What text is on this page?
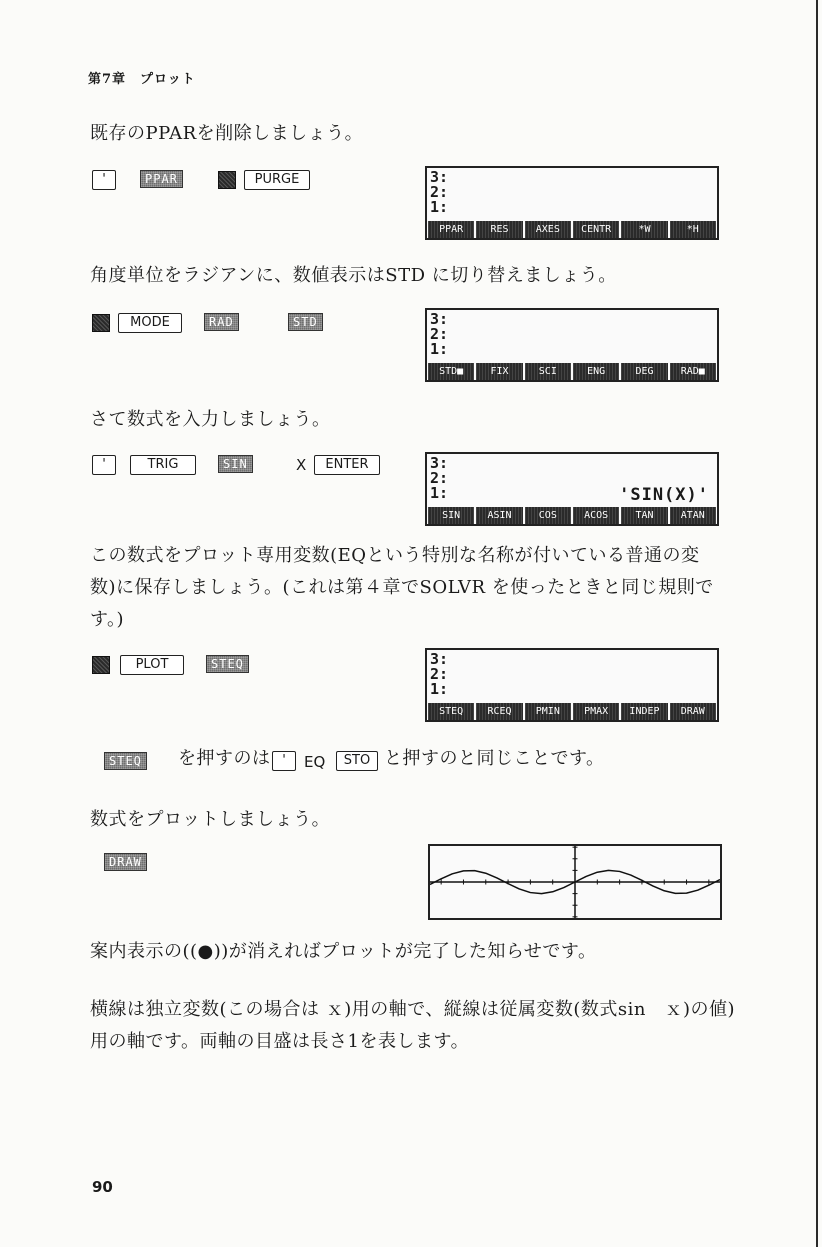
第7章　プロット
既存のPPARを削除しましょう。
'	PPAR	PURGE	3:
2:
1:
PPAR	RES	AXES	CENTR	*W	*H
角度単位をラジアンに、数値表示はSTD に切り替えましょう。
MODE	RAD	STD	3:
2:
1:
STD■	FIX	SCI	ENG	DEG	RAD■
さて数式を入力しましょう。
'	TRIG	SIN	X	ENTER	3:
2:
1:	'SIN(X)'
SIN	ASIN	COS	ACOS	TAN	ATAN
この数式をプロット専用変数(EQという特別な名称が付いている普通の変
数)に保存しましょう。(これは第４章でSOLVR を使ったときと同じ規則で
す。)
PLOT	STEQ	3:
2:
1:
STEQ	RCEQ	PMIN	PMAX	INDEP	DRAW
STEQ を押すのは '	EQ	STO と押すのと同じことです。
数式をプロットしましょう。
DRAW
案内表示の((●))が消えればプロットが完了した知らせです。
横線は独立変数(この場合は ｘ)用の軸で、縦線は従属変数(数式sin　ｘ)の値)
用の軸です。両軸の目盛は長さ1を表します。
90
